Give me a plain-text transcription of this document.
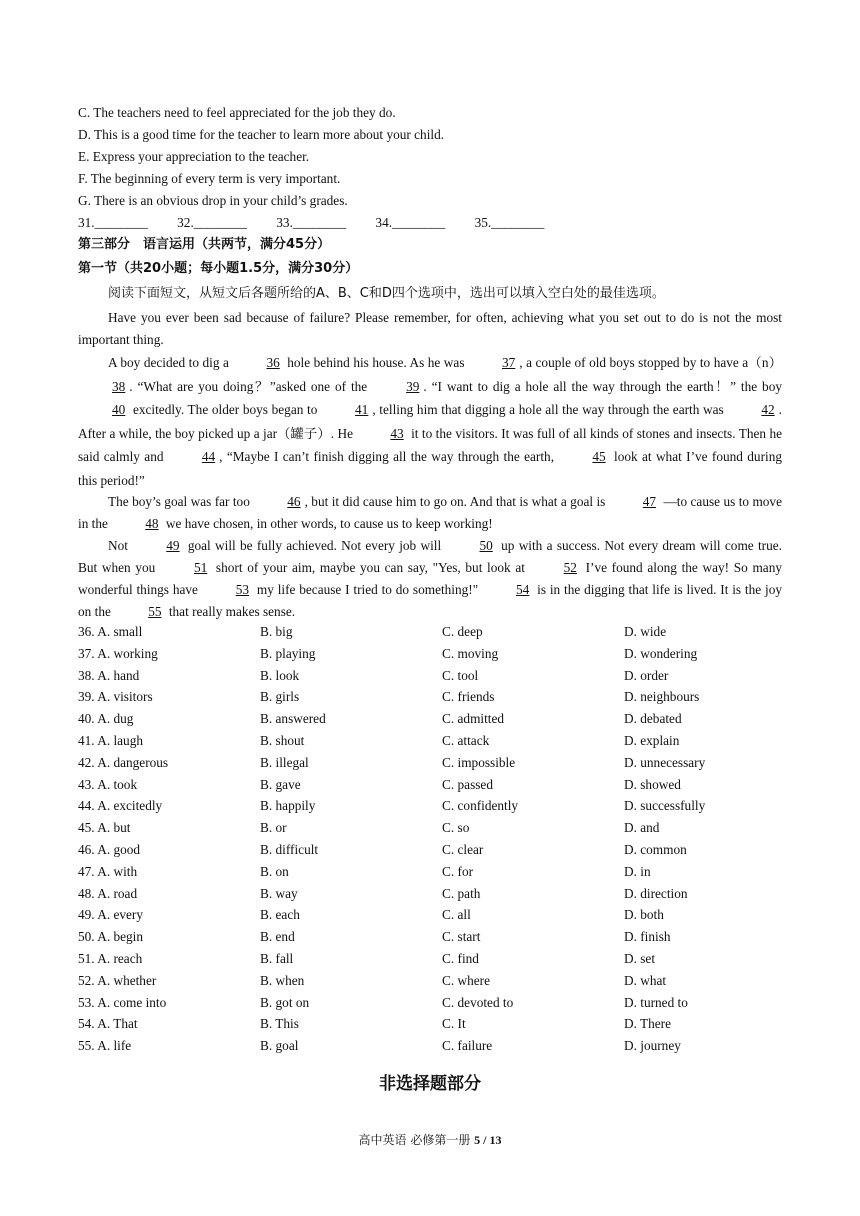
C. The teachers need to feel appreciated for the job they do.
D. This is a good time for the teacher to learn more about your child.
E. Express your appreciation to the teacher.
F. The beginning of every term is very important.
G. There is an obvious drop in your child’s grades.
31.________ 32.________ 33.________ 34.________ 35.________
第三部分　语言运用（共两节，满分45分）
第一节（共20小题；每小题1.5分，满分30分）
阅读下面短文，从短文后各题所给的A、B、C和D四个选项中，选出可以填入空白处的最佳选项。
Have you ever been sad because of failure? Please remember, for often, achieving what you set out to do is not the most important thing.
A boy decided to dig a	36 hole behind his house. As he was	37 , a couple of old boys stopped by to have a（n）38 . “What are you doing？”asked one of the	39 . “I want to dig a hole all the way through the earth！” the boy 40 excitedly. The older boys began to	41 , telling him that digging a hole all the way through the earth was	42 . After a while, the boy picked up a jar（罐子）. He	43 it to the visitors. It was full of all kinds of stones and insects. Then he said calmly and	44 , “Maybe I can’t finish digging all the way through the earth,	45 look at what I’ve found during this period!”
The boy’s goal was far too	46 , but it did cause him to go on. And that is what a goal is	47 —to cause us to move in the	48 we have chosen, in other words, to cause us to keep working!
Not	49 goal will be fully achieved. Not every job will	50 up with a success. Not every dream will come true. But when you	51 short of your aim, maybe you can say, "Yes, but look at	52 I’ve found along the way! So many wonderful things have	53 my life because I tried to do something!"	54 is in the digging that life is lived. It is the joy on the	55 that really makes sense.
36. A. small	B. big	C. deep	D. wide
37. A. working	B. playing	C. moving	D. wondering
38. A. hand	B. look	C. tool	D. order
39. A. visitors	B. girls	C. friends	D. neighbours
40. A. dug	B. answered	C. admitted	D. debated
41. A. laugh	B. shout	C. attack	D. explain
42. A. dangerous	B. illegal	C. impossible	D. unnecessary
43. A. took	B. gave	C. passed	D. showed
44. A. excitedly	B. happily	C. confidently	D. successfully
45. A. but	B. or	C. so	D. and
46. A. good	B. difficult	C. clear	D. common
47. A. with	B. on	C. for	D. in
48. A. road	B. way	C. path	D. direction
49. A. every	B. each	C. all	D. both
50. A. begin	B. end	C. start	D. finish
51. A. reach	B. fall	C. find	D. set
52. A. whether	B. when	C. where	D. what
53. A. come into	B. got on	C. devoted to	D. turned to
54. A. That	B. This	C. It	D. There
55. A. life	B. goal	C. failure	D. journey
非选择题部分
高中英语 必修第一册 5 / 13
